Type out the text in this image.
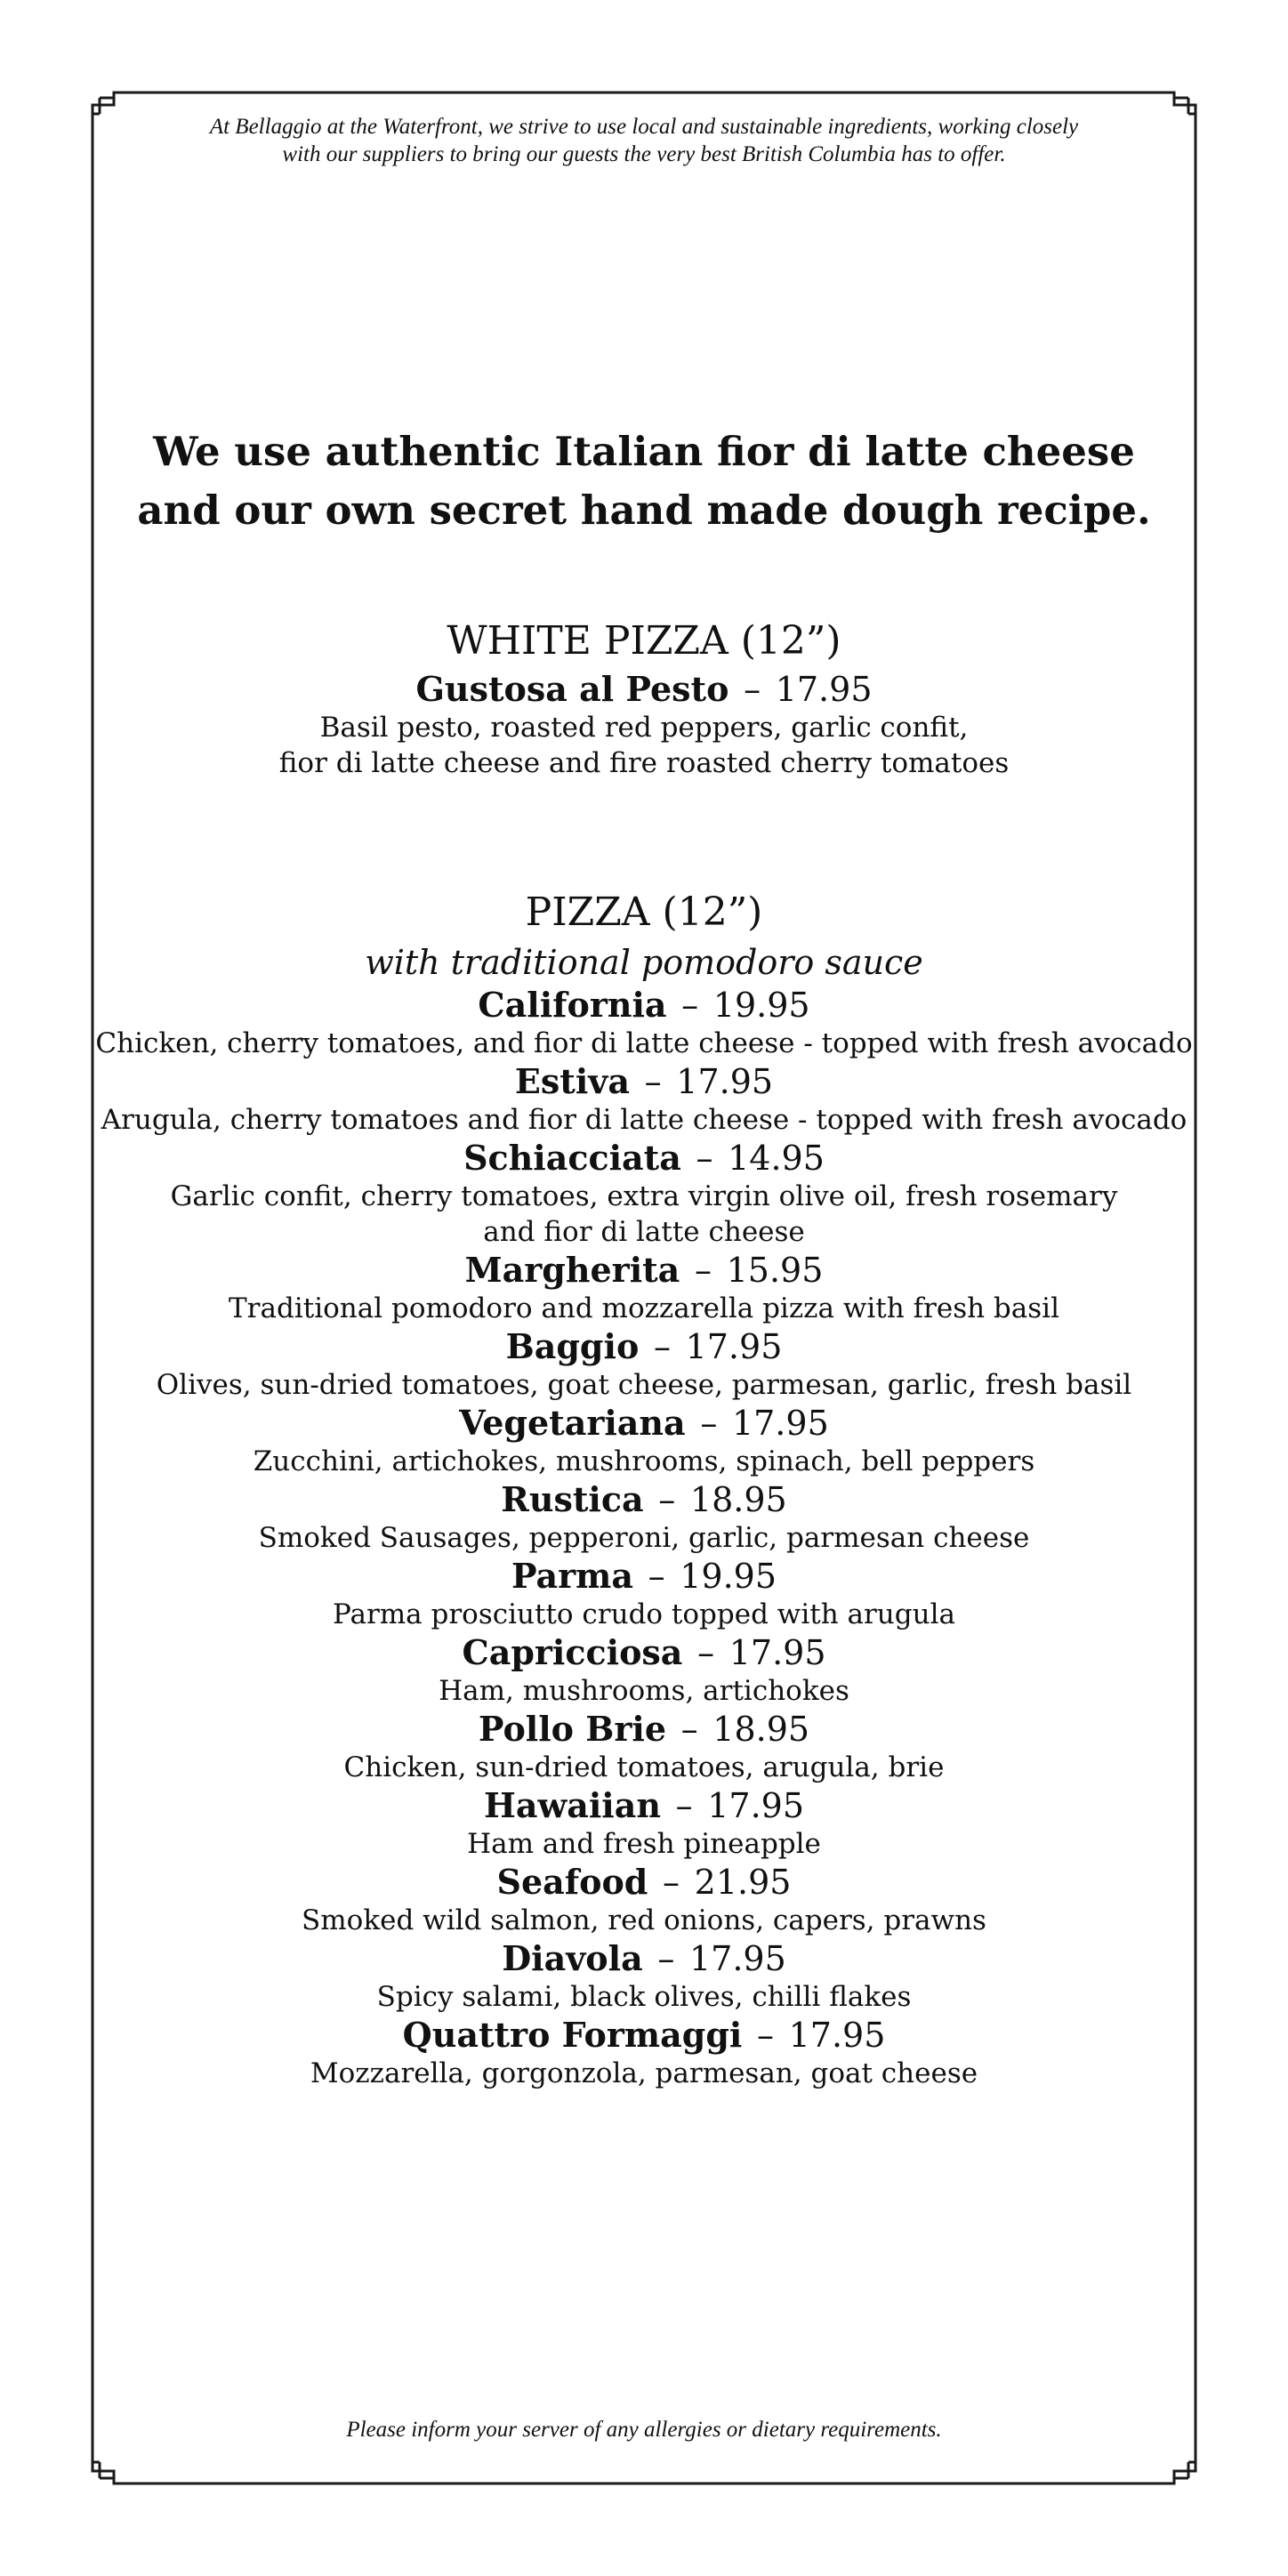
At Bellaggio at the Waterfront, we strive to use local and sustainable ingredients, working closely
with our suppliers to bring our guests the very best British Columbia has to offer.
We use authentic Italian fior di latte cheese
and our own secret hand made dough recipe.
WHITE PIZZA (12”)
Gustosa al Pesto – 17.95
Basil pesto, roasted red peppers, garlic confit,
fior di latte cheese and fire roasted cherry tomatoes
PIZZA (12”)
with traditional pomodoro sauce
California – 19.95
Chicken, cherry tomatoes, and fior di latte cheese - topped with fresh avocado
Estiva – 17.95
Arugula, cherry tomatoes and fior di latte cheese - topped with fresh avocado
Schiacciata – 14.95
Garlic confit, cherry tomatoes, extra virgin olive oil, fresh rosemary
and fior di latte cheese
Margherita – 15.95
Traditional pomodoro and mozzarella pizza with fresh basil
Baggio – 17.95
Olives, sun-dried tomatoes, goat cheese, parmesan, garlic, fresh basil
Vegetariana – 17.95
Zucchini, artichokes, mushrooms, spinach, bell peppers
Rustica – 18.95
Smoked Sausages, pepperoni, garlic, parmesan cheese
Parma – 19.95
Parma prosciutto crudo topped with arugula
Capricciosa – 17.95
Ham, mushrooms, artichokes
Pollo Brie – 18.95
Chicken, sun-dried tomatoes, arugula, brie
Hawaiian – 17.95
Ham and fresh pineapple
Seafood – 21.95
Smoked wild salmon, red onions, capers, prawns
Diavola – 17.95
Spicy salami, black olives, chilli flakes
Quattro Formaggi – 17.95
Mozzarella, gorgonzola, parmesan, goat cheese
Please inform your server of any allergies or dietary requirements.
